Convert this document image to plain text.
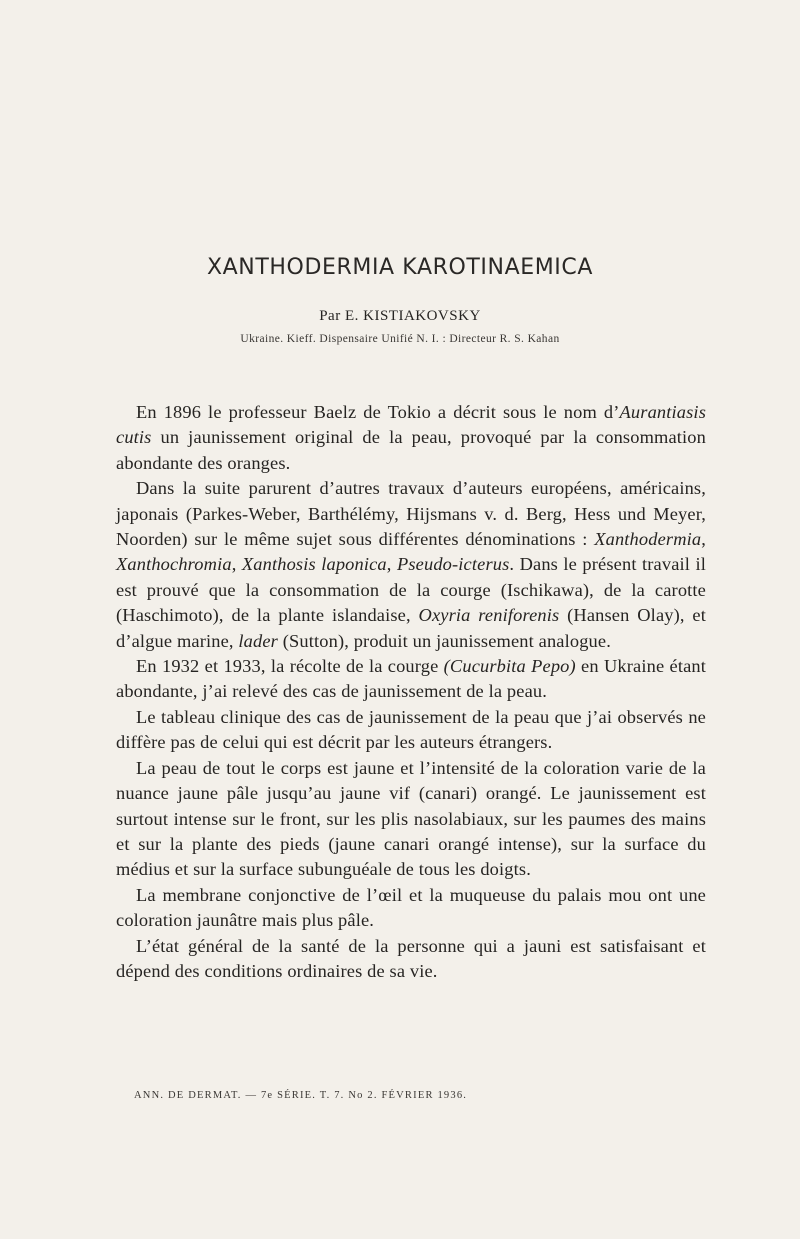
XANTHODERMIA KAROTINAEMICA
Par E. KISTIAKOVSKY
Ukraine. Kieff. Dispensaire Unifié N. I. : Directeur R. S. Kahan

En 1896 le professeur Baelz de Tokio a décrit sous le nom d’Aurantiasis cutis un jaunissement original de la peau, provoqué par la consommation abondante des oranges.

Dans la suite parurent d’autres travaux d’auteurs européens, américains, japonais (Parkes-Weber, Barthélémy, Hijsmans v. d. Berg, Hess und Meyer, Noorden) sur le même sujet sous différentes dénominations : Xanthodermia, Xanthochromia, Xanthosis laponica, Pseudo-icterus. Dans le présent travail il est prouvé que la consommation de la courge (Ischikawa), de la carotte (Haschimoto), de la plante islandaise, Oxyria reniforenis (Hansen Olay), et d’algue marine, lader (Sutton), produit un jaunissement analogue.

En 1932 et 1933, la récolte de la courge (Cucurbita Pepo) en Ukraine étant abondante, j’ai relevé des cas de jaunissement de la peau.

Le tableau clinique des cas de jaunissement de la peau que j’ai observés ne diffère pas de celui qui est décrit par les auteurs étrangers.

La peau de tout le corps est jaune et l’intensité de la coloration varie de la nuance jaune pâle jusqu’au jaune vif (canari) orangé. Le jaunissement est surtout intense sur le front, sur les plis nasolabiaux, sur les paumes des mains et sur la plante des pieds (jaune canari orangé intense), sur la surface du médius et sur la surface subunguéale de tous les doigts.

La membrane conjonctive de l’œil et la muqueuse du palais mou ont une coloration jaunâtre mais plus pâle.

L’état général de la santé de la personne qui a jauni est satisfaisant et dépend des conditions ordinaires de sa vie.

ANN. DE DERMAT. — 7e SÉRIE. T. 7. No 2. FÉVRIER 1936.
